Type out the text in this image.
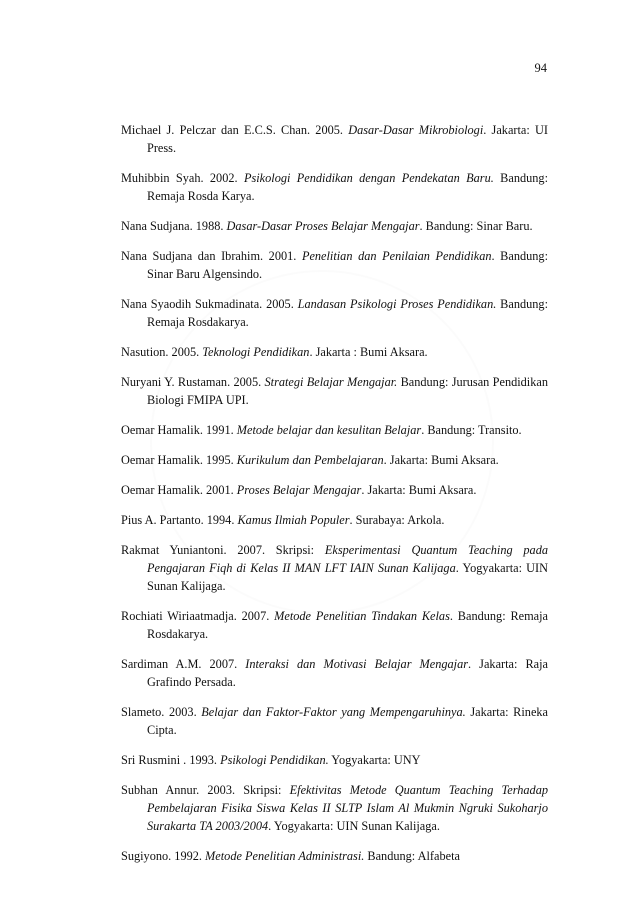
94
Michael J. Pelczar dan E.C.S. Chan. 2005. Dasar-Dasar Mikrobiologi. Jakarta: UI Press.
Muhibbin Syah. 2002. Psikologi Pendidikan dengan Pendekatan Baru. Bandung: Remaja Rosda Karya.
Nana Sudjana. 1988. Dasar-Dasar Proses Belajar Mengajar. Bandung: Sinar Baru.
Nana Sudjana dan Ibrahim. 2001. Penelitian dan Penilaian Pendidikan. Bandung: Sinar Baru Algensindo.
Nana Syaodih Sukmadinata. 2005. Landasan Psikologi Proses Pendidikan. Bandung: Remaja Rosdakarya.
Nasution. 2005. Teknologi Pendidikan. Jakarta : Bumi Aksara.
Nuryani Y. Rustaman. 2005. Strategi Belajar Mengajar. Bandung: Jurusan Pendidikan Biologi FMIPA UPI.
Oemar Hamalik. 1991. Metode belajar dan kesulitan Belajar. Bandung: Transito.
Oemar Hamalik. 1995. Kurikulum dan Pembelajaran. Jakarta: Bumi Aksara.
Oemar Hamalik. 2001. Proses Belajar Mengajar. Jakarta: Bumi Aksara.
Pius A. Partanto. 1994. Kamus Ilmiah Populer. Surabaya: Arkola.
Rakmat Yuniantoni. 2007. Skripsi: Eksperimentasi Quantum Teaching pada Pengajaran Fiqh di Kelas II MAN LFT IAIN Sunan Kalijaga. Yogyakarta: UIN Sunan Kalijaga.
Rochiati Wiriaatmadja. 2007. Metode Penelitian Tindakan Kelas. Bandung: Remaja Rosdakarya.
Sardiman A.M. 2007. Interaksi dan Motivasi Belajar Mengajar. Jakarta: Raja Grafindo Persada.
Slameto. 2003. Belajar dan Faktor-Faktor yang Mempengaruhinya. Jakarta: Rineka Cipta.
Sri Rusmini . 1993. Psikologi Pendidikan. Yogyakarta: UNY
Subhan Annur. 2003. Skripsi: Efektivitas Metode Quantum Teaching Terhadap Pembelajaran Fisika Siswa Kelas II SLTP Islam Al Mukmin Ngruki Sukoharjo Surakarta TA 2003/2004. Yogyakarta: UIN Sunan Kalijaga.
Sugiyono. 1992. Metode Penelitian Administrasi. Bandung: Alfabeta
